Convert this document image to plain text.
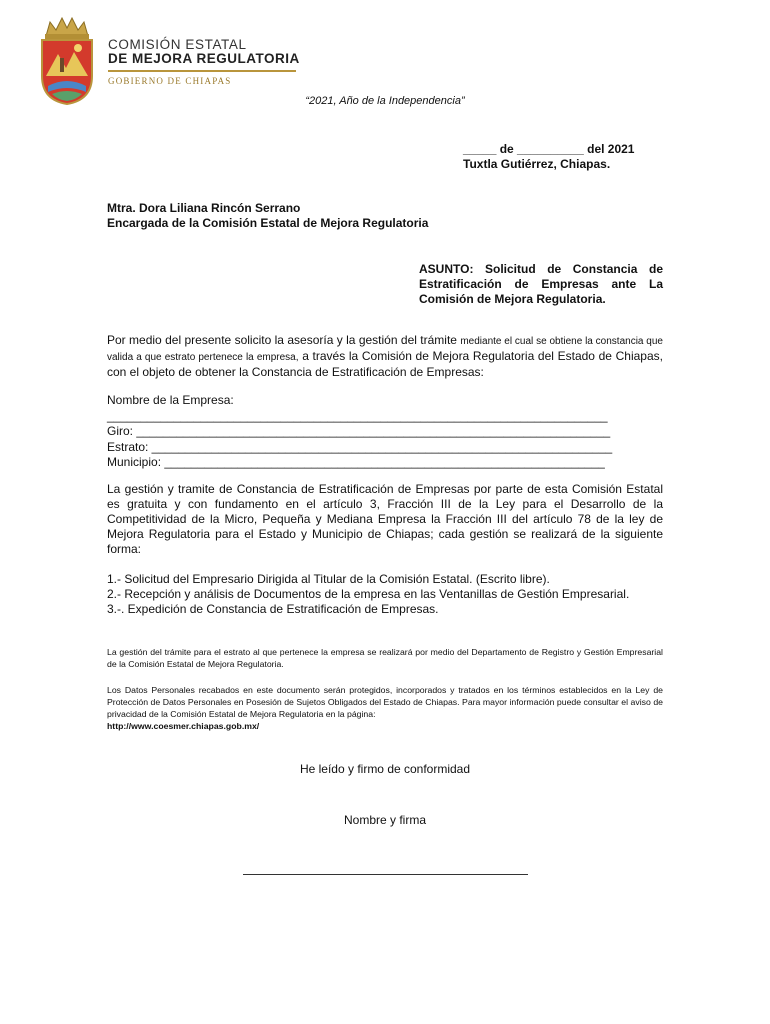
COMISIÓN ESTATAL
DE MEJORA REGULATORIA
GOBIERNO DE CHIAPAS
“2021, Año de la Independencia”
_____ de __________ del 2021
Tuxtla Gutiérrez, Chiapas.
Mtra. Dora Liliana Rincón Serrano
Encargada de la Comisión Estatal de Mejora Regulatoria
ASUNTO: Solicitud de Constancia de Estratificación de Empresas ante La Comisión de Mejora Regulatoria.
Por medio del presente solicito la asesoría y la gestión del trámite mediante el cual se obtiene la constancia que valida a que estrato pertenece la empresa, a través la Comisión de Mejora Regulatoria del Estado de Chiapas, con el objeto de obtener la Constancia de Estratificación de Empresas:
Nombre de la Empresa:
___________________________________________________________________________
Giro: _______________________________________________________________________
Estrato: _____________________________________________________________________
Municipio: __________________________________________________________________
La gestión y tramite de Constancia de Estratificación de Empresas por parte de esta Comisión Estatal es gratuita y con fundamento en el artículo 3, Fracción III de la Ley para el Desarrollo de la Competitividad de la Micro, Pequeña y Mediana Empresa la Fracción III del artículo 78 de la ley de Mejora Regulatoria para el Estado y Municipio de Chiapas; cada gestión se realizará de la siguiente forma:
1.- Solicitud del Empresario Dirigida al Titular de la Comisión Estatal. (Escrito libre).
2.- Recepción y análisis de Documentos de la empresa en las Ventanillas de Gestión Empresarial.
3.-. Expedición de Constancia de Estratificación de Empresas.
La gestión del trámite para el estrato al que pertenece la empresa se realizará por medio del Departamento de Registro y Gestión Empresarial de la Comisión Estatal de Mejora Regulatoria.
Los Datos Personales recabados en este documento serán protegidos, incorporados y tratados en los términos establecidos en la Ley de Protección de Datos Personales en Posesión de Sujetos Obligados del Estado de Chiapas. Para mayor información puede consultar el aviso de privacidad de la Comisión Estatal de Mejora Regulatoria en la página:
http://www.coesmer.chiapas.gob.mx/
He leído y firmo de conformidad
Nombre y firma
